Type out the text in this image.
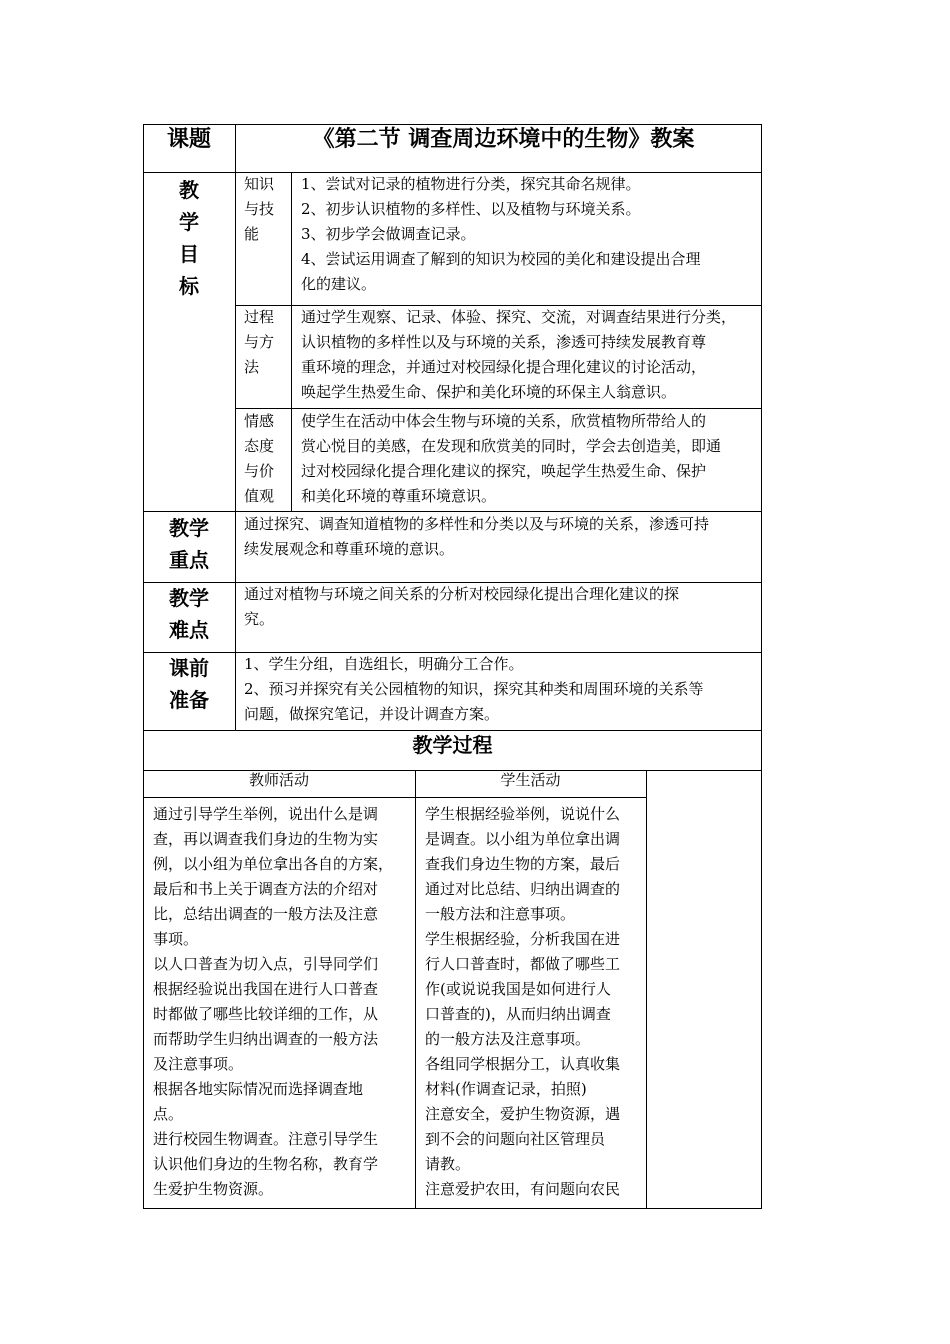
课题	《第二节 调查周边环境中的生物》教案
教
学
目
标
知识
与技
能
1、尝试对记录的植物进行分类，探究其命名规律。
2、初步认识植物的多样性、以及植物与环境关系。
3、初步学会做调查记录。
4、尝试运用调查了解到的知识为校园的美化和建设提出合理
化的建议。
过程
与方
法
通过学生观察、记录、体验、探究、交流，对调查结果进行分类，
认识植物的多样性以及与环境的关系，渗透可持续发展教育尊
重环境的理念，并通过对校园绿化提合理化建议的讨论活动，
唤起学生热爱生命、保护和美化环境的环保主人翁意识。
情感
态度
与价
值观
使学生在活动中体会生物与环境的关系，欣赏植物所带给人的
赏心悦目的美感，在发现和欣赏美的同时，学会去创造美，即通
过对校园绿化提合理化建议的探究，唤起学生热爱生命、保护
和美化环境的尊重环境意识。
教学
重点
通过探究、调查知道植物的多样性和分类以及与环境的关系，渗透可持
续发展观念和尊重环境的意识。
教学
难点
通过对植物与环境之间关系的分析对校园绿化提出合理化建议的探
究。
课前
准备
1、学生分组，自选组长，明确分工合作。
2、预习并探究有关公园植物的知识，探究其种类和周围环境的关系等
问题，做探究笔记，并设计调查方案。
教学过程
教师活动	学生活动
通过引导学生举例，说出什么是调
查，再以调查我们身边的生物为实
例，以小组为单位拿出各自的方案，
最后和书上关于调查方法的介绍对
比，总结出调查的一般方法及注意
事项。
以人口普查为切入点，引导同学们
根据经验说出我国在进行人口普查
时都做了哪些比较详细的工作，从
而帮助学生归纳出调查的一般方法
及注意事项。
根据各地实际情况而选择调查地
点。
进行校园生物调查。注意引导学生
认识他们身边的生物名称，教育学
生爱护生物资源。
学生根据经验举例，说说什么
是调查。以小组为单位拿出调
查我们身边生物的方案，最后
通过对比总结、归纳出调查的
一般方法和注意事项。
学生根据经验，分析我国在进
行人口普查时，都做了哪些工
作(或说说我国是如何进行人
口普查的)，从而归纳出调查
的一般方法及注意事项。
各组同学根据分工，认真收集
材料(作调查记录，拍照)
注意安全，爱护生物资源，遇
到不会的问题向社区管理员
请教。
注意爱护农田，有问题向农民
